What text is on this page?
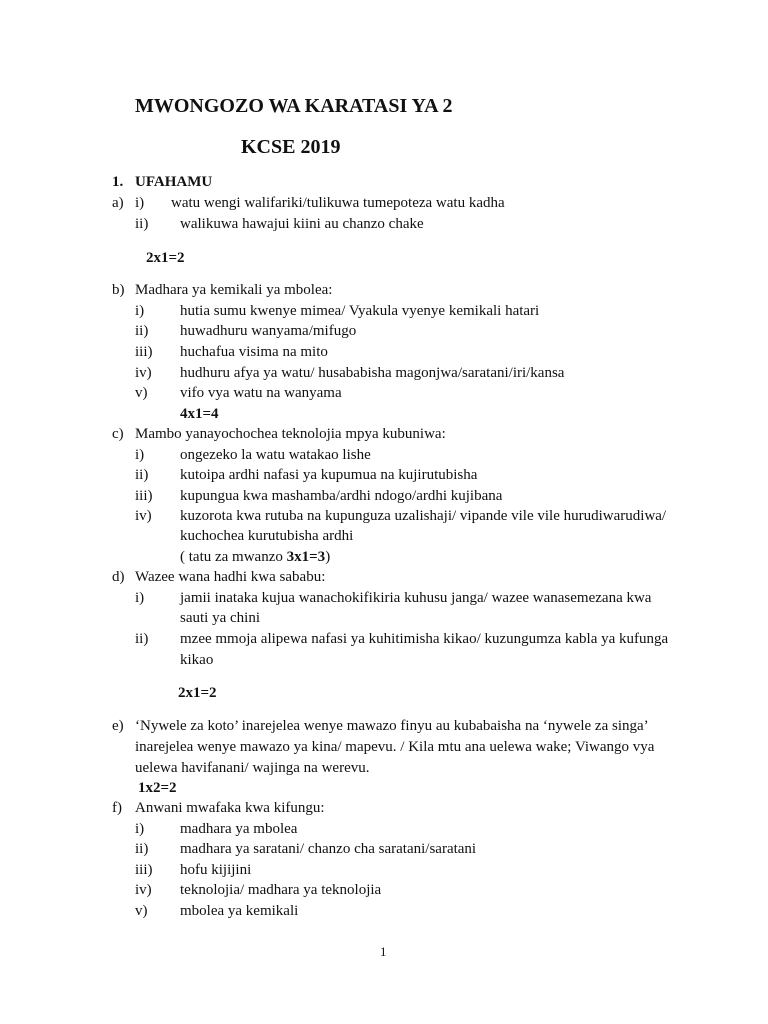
MWONGOZO WA KARATASI YA 2
KCSE 2019
1. UFAHAMU
a) i) watu wengi walifariki/tulikuwa tumepoteza watu kadha
ii) walikuwa hawajui kiini au chanzo chake
2x1=2
b) Madhara ya kemikali ya mbolea:
i) hutia sumu kwenye mimea/ Vyakula vyenye kemikali hatari
ii) huwadhuru wanyama/mifugo
iii) huchafua visima na mito
iv) hudhuru afya ya watu/ husababisha magonjwa/saratani/iri/kansa
v) vifo vya watu na wanyama
4x1=4
c) Mambo yanayochochea teknolojia mpya kubuniwa:
i) ongezeko la watu watakao lishe
ii) kutoipa ardhi nafasi ya kupumua na kujirutubisha
iii) kupungua kwa mashamba/ardhi ndogo/ardhi kujibana
iv) kuzorota kwa rutuba na kupunguza uzalishaji/ vipande vile vile hurudiwarudiwa/
kuchochea kurutubisha ardhi
( tatu za mwanzo 3x1=3)
d) Wazee wana hadhi kwa sababu:
i) jamii inataka kujua wanachokifikiria kuhusu janga/ wazee wanasemezana kwa
sauti ya chini
ii) mzee mmoja alipewa nafasi ya kuhitimisha kikao/ kuzungumza kabla ya kufunga
kikao
2x1=2
e) ‘Nywele za koto’ inarejelea wenye mawazo finyu au kubabaisha na ‘nywele za singa’
inarejelea wenye mawazo ya kina/ mapevu. / Kila mtu ana uelewa wake; Viwango vya
uelewa havifanani/ wajinga na werevu.
1x2=2
f) Anwani mwafaka kwa kifungu:
i) madhara ya mbolea
ii) madhara ya saratani/ chanzo cha saratani/saratani
iii) hofu kijijini
iv) teknolojia/ madhara ya teknolojia
v) mbolea ya kemikali
1
